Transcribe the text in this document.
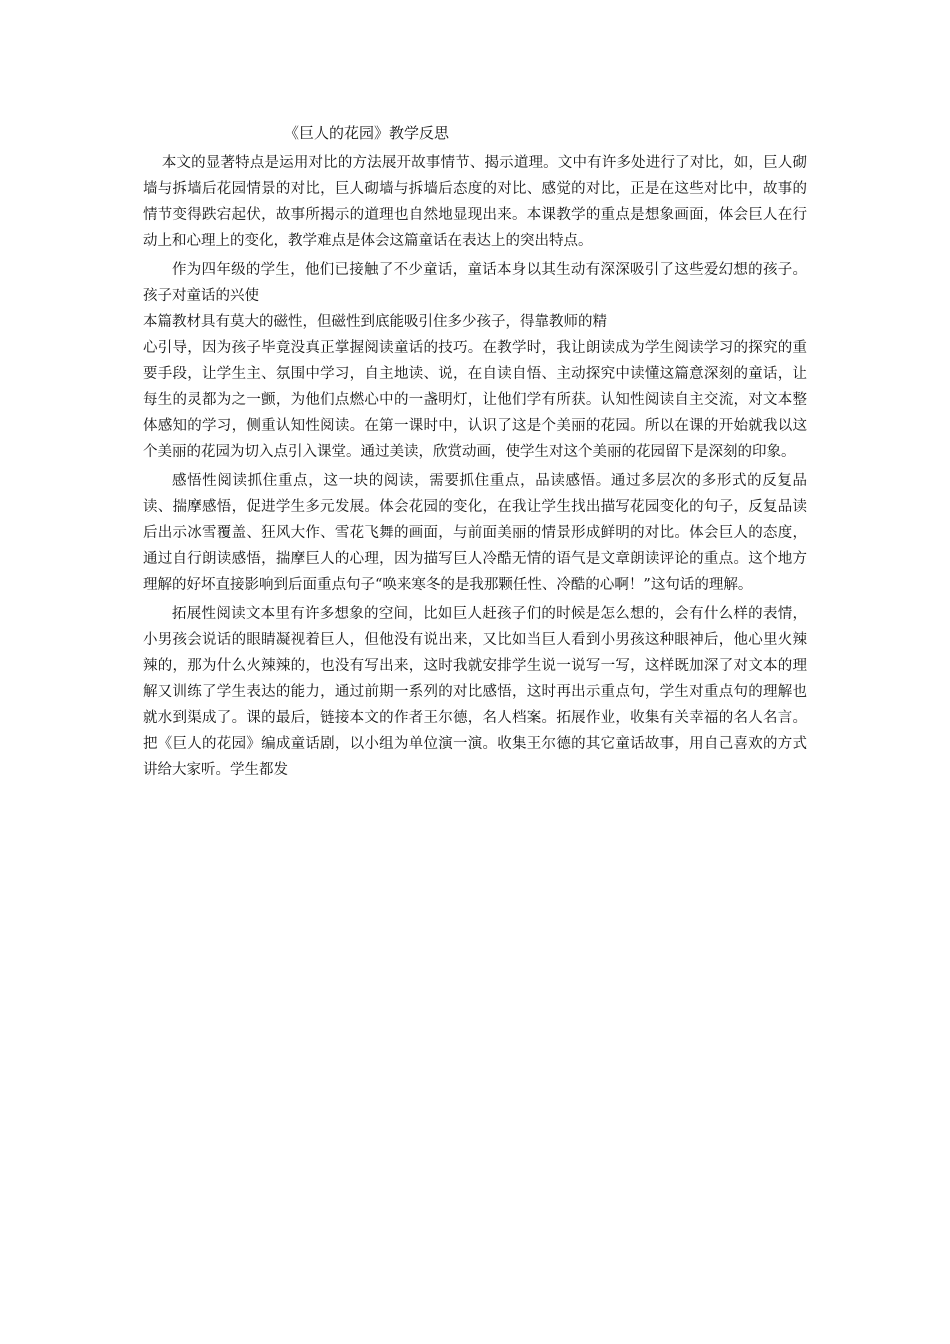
《巨人的花园》教学反思

本文的显著特点是运用对比的方法展开故事情节、揭示道理。文中有许多处进行了对比，如，巨人砌墙与拆墙后花园情景的对比，巨人砌墙与拆墙后态度的对比、感觉的对比，正是在这些对比中，故事的情节变得跌宕起伏，故事所揭示的道理也自然地显现出来。本课教学的重点是想象画面，体会巨人在行动上和心理上的变化，教学难点是体会这篇童话在表达上的突出特点。

作为四年级的学生，他们已接触了不少童话，童话本身以其生动有深深吸引了这些爱幻想的孩子。孩子对童话的兴使

本篇教材具有莫大的磁性，但磁性到底能吸引住多少孩子，得靠教师的精

心引导，因为孩子毕竟没真正掌握阅读童话的技巧。在教学时，我让朗读成为学生阅读学习的探究的重要手段，让学生主、氛围中学习，自主地读、说，在自读自悟、主动探究中读懂这篇意深刻的童话，让每生的灵都为之一颤，为他们点燃心中的一盏明灯，让他们学有所获。认知性阅读自主交流，对文本整体感知的学习，侧重认知性阅读。在第一课时中，认识了这是个美丽的花园。所以在课的开始就我以这个美丽的花园为切入点引入课堂。通过美读，欣赏动画，使学生对这个美丽的花园留下是深刻的印象。

感悟性阅读抓住重点，这一块的阅读，需要抓住重点，品读感悟。通过多层次的多形式的反复品读、揣摩感悟，促进学生多元发展。体会花园的变化，在我让学生找出描写花园变化的句子，反复品读后出示冰雪覆盖、狂风大作、雪花飞舞的画面，与前面美丽的情景形成鲜明的对比。体会巨人的态度，通过自行朗读感悟，揣摩巨人的心理，因为描写巨人冷酷无情的语气是文章朗读评论的重点。这个地方理解的好坏直接影响到后面重点句子“唤来寒冬的是我那颗任性、冷酷的心啊！”这句话的理解。

拓展性阅读文本里有许多想象的空间，比如巨人赶孩子们的时候是怎么想的，会有什么样的表情，小男孩会说话的眼睛凝视着巨人，但他没有说出来，又比如当巨人看到小男孩这种眼神后，他心里火辣辣的，那为什么火辣辣的，也没有写出来，这时我就安排学生说一说写一写，这样既加深了对文本的理解又训练了学生表达的能力，通过前期一系列的对比感悟，这时再出示重点句，学生对重点句的理解也就水到渠成了。课的最后，链接本文的作者王尔德，名人档案。拓展作业，收集有关幸福的名人名言。把《巨人的花园》编成童话剧，以小组为单位演一演。收集王尔德的其它童话故事，用自己喜欢的方式讲给大家听。学生都发
